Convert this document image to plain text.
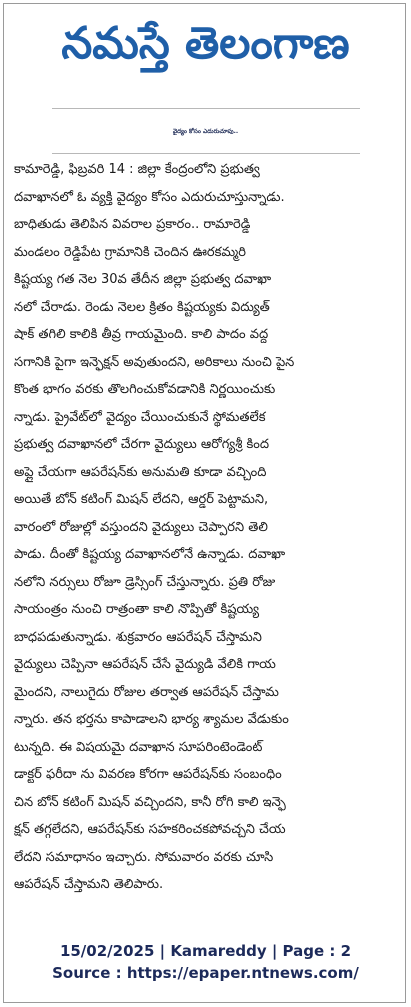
నమస్తే తెలంగాణ
వైద్యం కోసం ఎదురుచూపు..
కామారెడ్డి, ఫిబ్రవరి 14 : జిల్లా కేంద్రంలోని ప్రభుత్వ
దవాఖానలో ఓ వ్యక్తి వైద్యం కోసం ఎదురుచూస్తున్నాడు.
బాధితుడు తెలిపిన వివరాల ప్రకారం.. రామారెడ్డి
మండలం రెడ్డిపేట గ్రామానికి చెందిన ఊరకమ్మరి
కిష్టయ్య గత నెల 30వ తేదీన జిల్లా ప్రభుత్వ దవాఖా
నలో చేరాడు. రెండు నెలల క్రితం కిష్టయ్యకు విద్యుత్
షాక్ తగిలి కాలికి తీవ్ర గాయమైంది. కాలి పాదం వద్ద
సగానికి పైగా ఇన్ఫెక్షన్ అవుతుందని, అరికాలు నుంచి పైన
కొంత భాగం వరకు తొలగించుకోవడానికి నిర్ణయించుకు
న్నాడు. ప్రైవేట్‌లో వైద్యం చేయించుకునే స్థోమతలేక
ప్రభుత్వ దవాఖానలో చేరగా వైద్యులు ఆరోగ్యశ్రీ కింద
అప్లై చేయగా ఆపరేషన్‌కు అనుమతి కూడా వచ్చింది
అయితే బోన్ కటింగ్ మిషన్ లేదని, ఆర్డర్ పెట్టామని,
వారంలో రోజుల్లో వస్తుందని వైద్యులు చెప్పారని తెలి
పాడు. దీంతో కిష్టయ్య దవాఖానలోనే ఉన్నాడు. దవాఖా
నలోని నర్సులు రోజూ డ్రెస్సింగ్ చేస్తున్నారు. ప్రతి రోజు
సాయంత్రం నుంచి రాత్రంతా కాలి నొప్పితో కిష్టయ్య
బాధపడుతున్నాడు. శుక్రవారం ఆపరేషన్ చేస్తామని
వైద్యులు చెప్పినా ఆపరేషన్ చేసే వైద్యుడి వేలికి గాయ
మైందని, నాలుగైదు రోజుల తర్వాత ఆపరేషన్ చేస్తామ
న్నారు. తన భర్తను కాపాడాలని భార్య శ్యామల వేడుకుం
టున్నది. ఈ విషయమై దవాఖాన సూపరింటెండెంట్
డాక్టర్ ఫరీదా ను వివరణ కోరగా ఆపరేషన్‌కు సంబంధిం
చిన బోన్ కటింగ్ మిషన్ వచ్చిందని, కానీ రోగి కాలి ఇన్ఫె
క్షన్ తగ్గలేదని, ఆపరేషన్‌కు సహకరించకపోవచ్చని చేయ
లేదని సమాధానం ఇచ్చారు. సోమవారం వరకు చూసి
ఆపరేషన్ చేస్తామని తెలిపారు.
15/02/2025 | Kamareddy | Page : 2
Source : https://epaper.ntnews.com/
